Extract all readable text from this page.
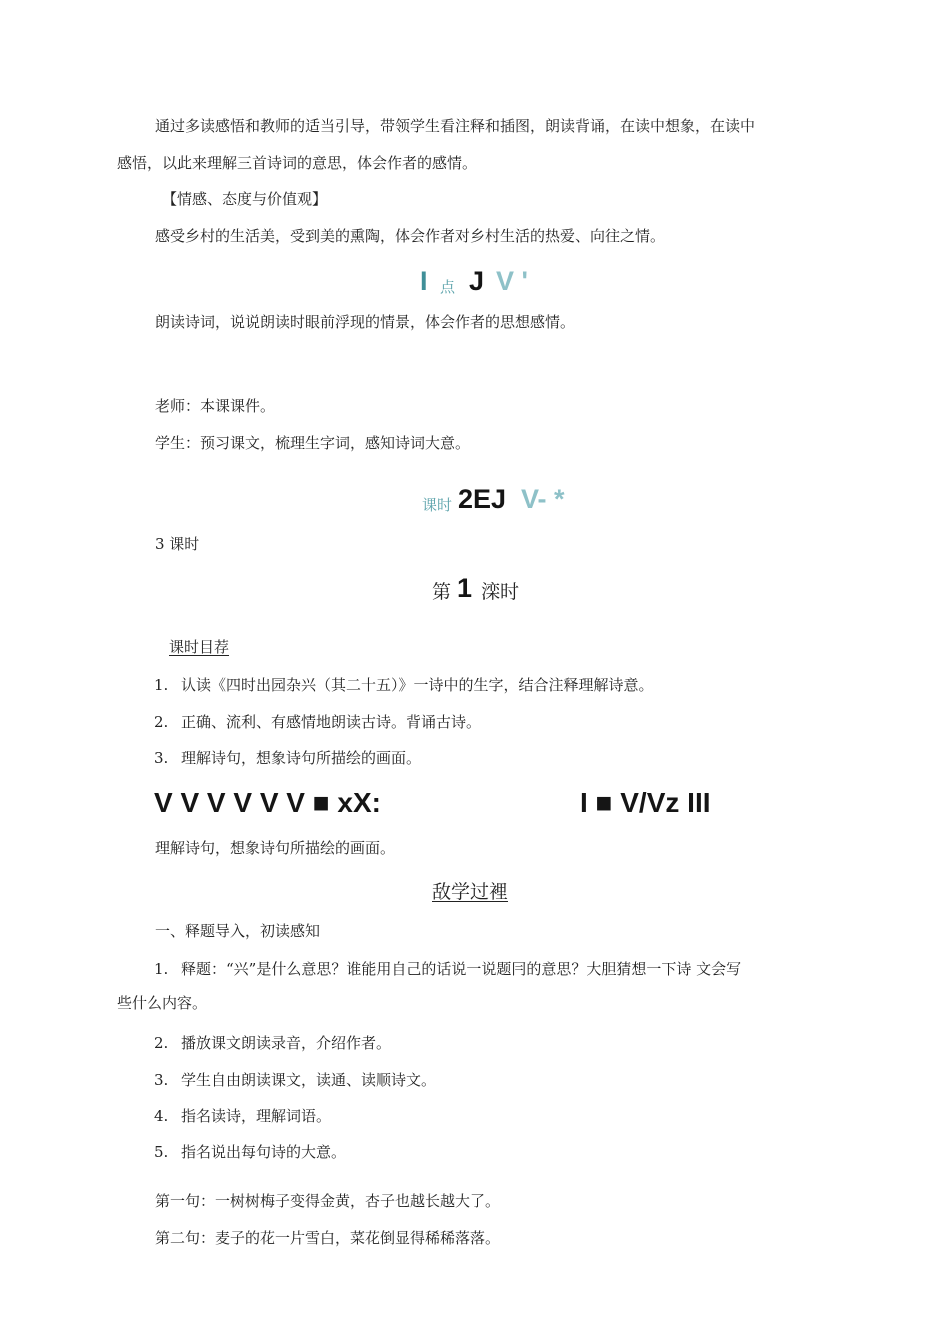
通过多读感悟和教师的适当引导，带领学生看注释和插图，朗读背诵，在读中想象，在读中
感悟，以此来理解三首诗词的意思，体会作者的感情。
【情感、态度与价值观】
感受乡村的生活美，受到美的熏陶，体会作者对乡村生活的热爱、向往之情。
I 点 J V '
朗读诗词，说说朗读时眼前浮现的情景，体会作者的思想感情。
老师：本课课件。
学生：预习课文，梳理生字词，感知诗词大意。
课时 2EJ V- *
3 课时
第 1 滦时
课时目荐
1. 认读《四时出园杂兴（其二十五）》一诗中的生字，结合注释理解诗意。
2. 正确、流利、有感情地朗读古诗。背诵古诗。
3. 理解诗句，想象诗句所描绘的画面。
V V V V V V ■ xX:	I ■ V/Vz III
理解诗句，想象诗句所描绘的画面。
敌学过裡
一、释题导入，初读感知
1. 释题：“兴”是什么意思？谁能用自己的话说一说题冃的意思？大胆猜想一下诗 文会写
些什么内容。
2. 播放课文朗读录音，介绍作者。
3. 学生自由朗读课文，读通、读顺诗文。
4. 指名读诗，理解词语。
5. 指名说出每句诗的大意。
第一句：一树树梅子变得金黄，杏子也越长越大了。
第二句：麦子的花一片雪白，菜花倒显得稀稀落落。
